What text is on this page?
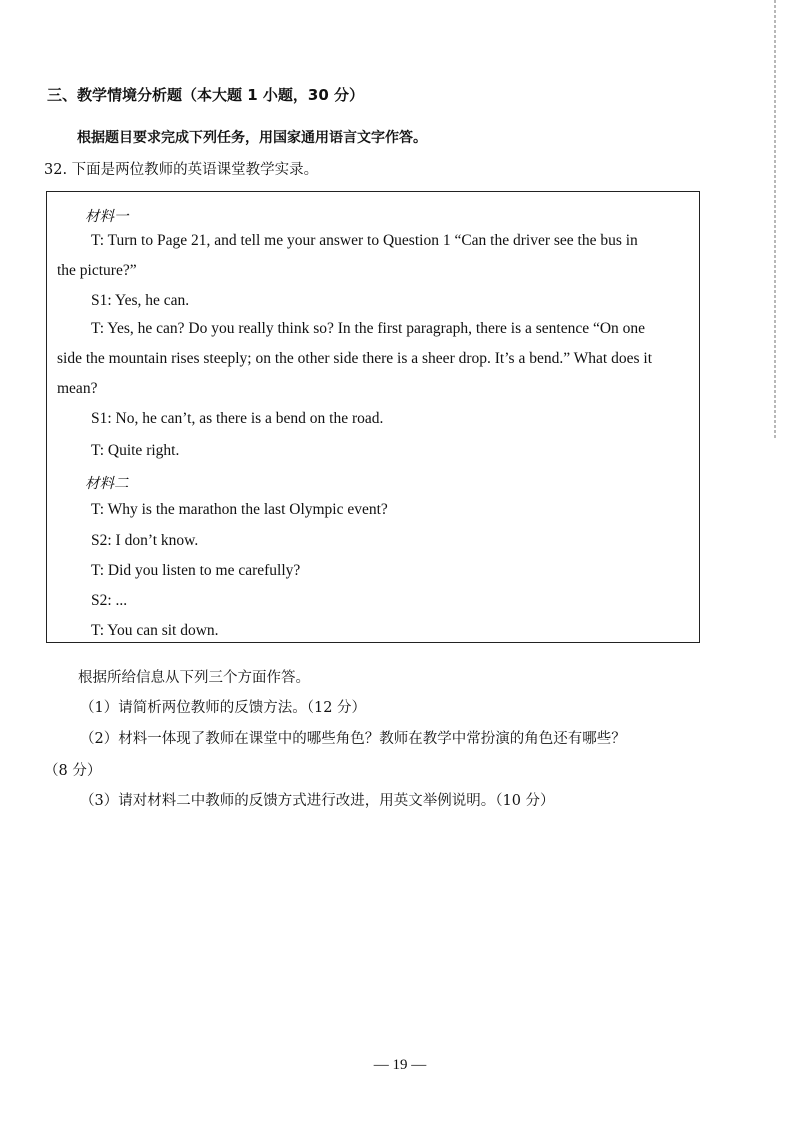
三、教学情境分析题（本大题 1 小题，30 分）
根据题目要求完成下列任务，用国家通用语言文字作答。
32. 下面是两位教师的英语课堂教学实录。
材料一
T: Turn to Page 21, and tell me your answer to Question 1 “Can the driver see the bus in
the picture?”
S1: Yes, he can.
T: Yes, he can? Do you really think so? In the first paragraph, there is a sentence “On one
side the mountain rises steeply; on the other side there is a sheer drop. It’s a bend.” What does it
mean?
S1: No, he can’t, as there is a bend on the road.
T: Quite right.
材料二
T: Why is the marathon the last Olympic event?
S2: I don’t know.
T: Did you listen to me carefully?
S2: ...
T: You can sit down.
根据所给信息从下列三个方面作答。
（1）请简析两位教师的反馈方法。（12 分）
（2）材料一体现了教师在课堂中的哪些角色？教师在教学中常扮演的角色还有哪些？
（8 分）
（3）请对材料二中教师的反馈方式进行改进，用英文举例说明。（10 分）
— 19 —
